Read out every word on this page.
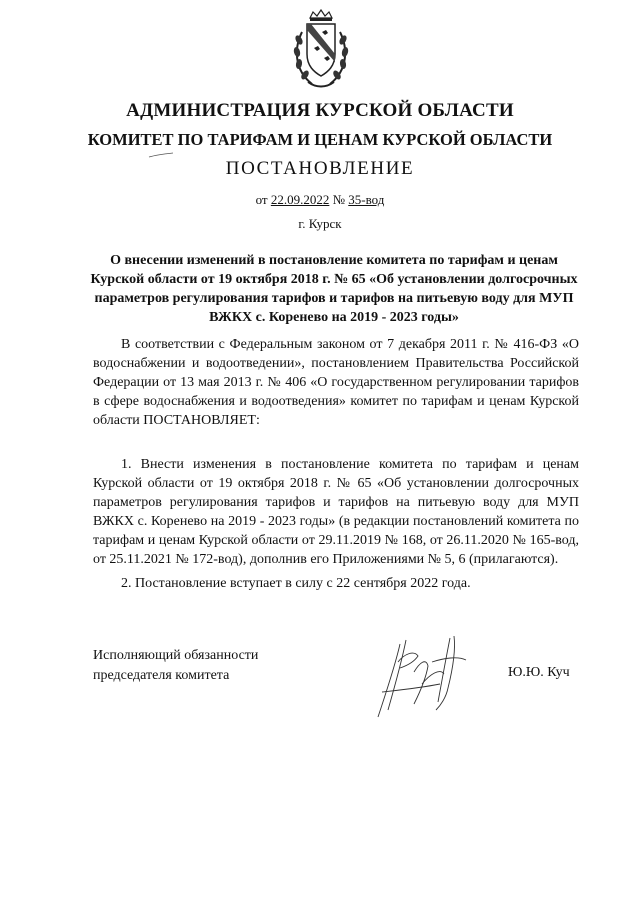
АДМИНИСТРАЦИЯ КУРСКОЙ ОБЛАСТИ
КОМИТЕТ ПО ТАРИФАМ И ЦЕНАМ КУРСКОЙ ОБЛАСТИ
ПОСТАНОВЛЕНИЕ
от 22.09.2022 № 35-вод
г. Курск
О внесении изменений в постановление комитета по тарифам и ценам Курской области от 19 октября 2018 г. № 65 «Об установлении долгосрочных параметров регулирования тарифов и тарифов на питьевую воду для МУП ВЖКХ с. Коренево на 2019 - 2023 годы»
В соответствии с Федеральным законом от 7 декабря 2011 г. № 416-ФЗ «О водоснабжении и водоотведении», постановлением Правительства Российской Федерации от 13 мая 2013 г. № 406 «О государственном регулировании тарифов в сфере водоснабжения и водоотведения» комитет по тарифам и ценам Курской области ПОСТАНОВЛЯЕТ:
1. Внести изменения в постановление комитета по тарифам и ценам Курской области от 19 октября 2018 г. № 65 «Об установлении долгосрочных параметров регулирования тарифов и тарифов на питьевую воду для МУП ВЖКХ с. Коренево на 2019 - 2023 годы» (в редакции постановлений комитета по тарифам и ценам Курской области от 29.11.2019 № 168, от 26.11.2020 № 165-вод, от 25.11.2021 № 172-вод), дополнив его Приложениями № 5, 6 (прилагаются).
2. Постановление вступает в силу с 22 сентября 2022 года.
Исполняющий обязанности
председателя комитета	Ю.Ю. Куч
